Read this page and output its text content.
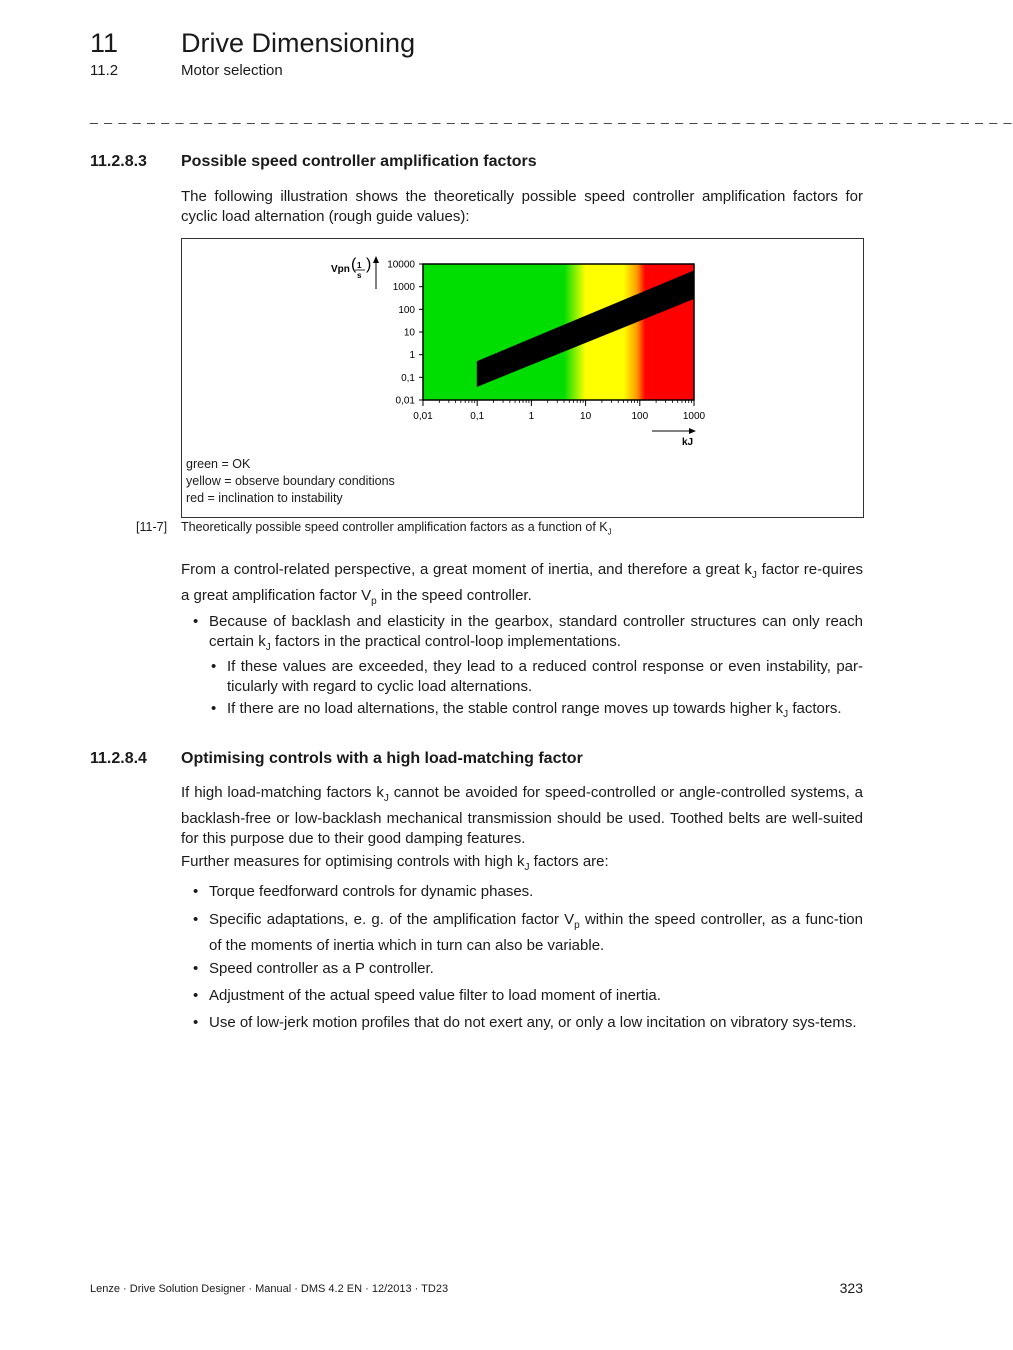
11 Drive Dimensioning
11.2	Motor selection
_ _ _ _ _ _ _ _ _ _ _ _ _ _ _ _ _ _ _ _ _ _ _ _ _ _ _ _ _ _ _ _ _ _ _ _ _ _ _ _ _ _ _ _ _ _ _ _ _ _ _ _ _ _ _ _ _ _ _ _ _ _ _ _ _
11.2.8.3 Possible speed controller amplification factors
The following illustration shows the theoretically possible speed controller amplification factors for cyclic load alternation (rough guide values):
0,01
0,1
1
10
100
1000
10000
0,01	0,1	1	10	100	1000
Vpn ( 1
s
)
kJ
green = OK
yellow = observe boundary conditions
red = inclination to instability
[11-7] Theoretically possible speed controller amplification factors as a function of $K_J$
From a control-related perspective, a great moment of inertia, and therefore a great $k_J$ factor re-quires a great amplification factor $V_p$ in the speed controller.
• Because of backlash and elasticity in the gearbox, standard controller structures can only reach certain $k_J$ factors in the practical control-loop implementations.
• If these values are exceeded, they lead to a reduced control response or even instability, par-ticularly with regard to cyclic load alternations.
• If there are no load alternations, the stable control range moves up towards higher $k_J$ factors.
11.2.8.4 Optimising controls with a high load-matching factor
If high load-matching factors $k_J$ cannot be avoided for speed-controlled or angle-controlled systems, a backlash-free or low-backlash mechanical transmission should be used. Toothed belts are well-suited for this purpose due to their good damping features.
Further measures for optimising controls with high $k_J$ factors are:
• Torque feedforward controls for dynamic phases.
• Specific adaptations, e. g. of the amplification factor $V_p$ within the speed controller, as a func-tion of the moments of inertia which in turn can also be variable.
• Speed controller as a P controller.
• Adjustment of the actual speed value filter to load moment of inertia.
• Use of low-jerk motion profiles that do not exert any, or only a low incitation on vibratory sys-tems.
Lenze · Drive Solution Designer · Manual · DMS 4.2 EN · 12/2013 · TD23	323
